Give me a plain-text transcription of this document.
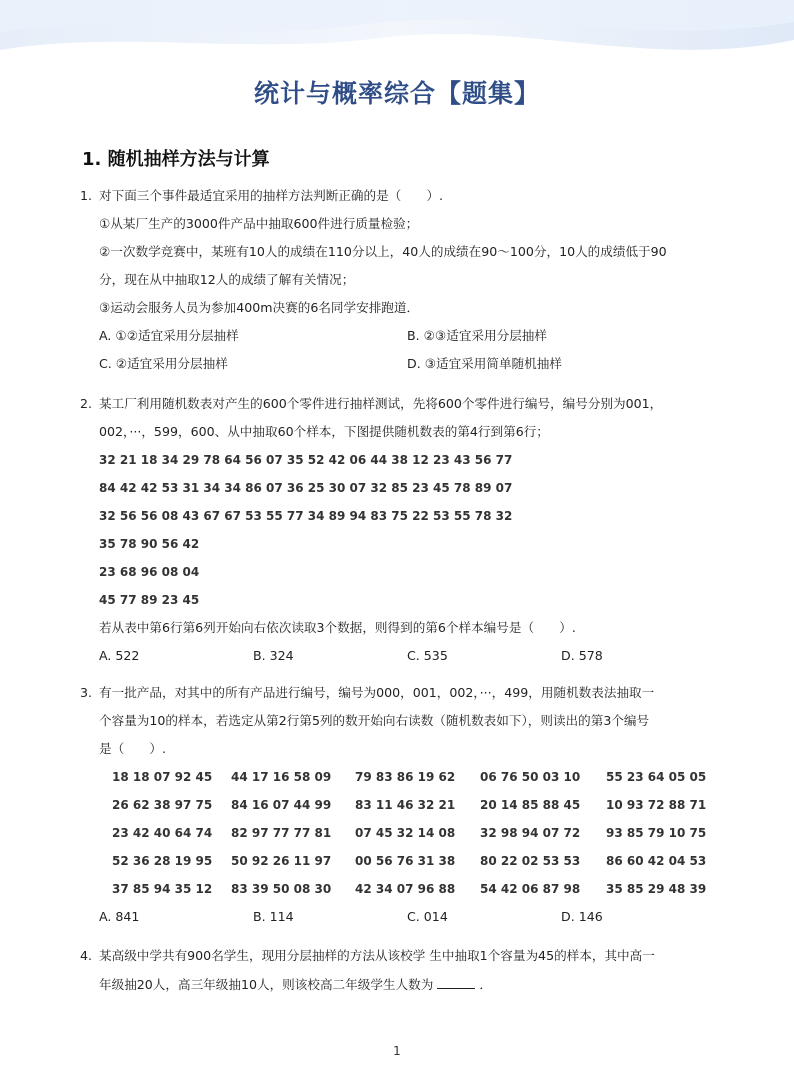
统计与概率综合【题集】
1. 随机抽样方法与计算
1. 对下面三个事件最适宜采用的抽样方法判断正确的是（　　）.
①从某厂生产的3000件产品中抽取600件进行质量检验；
②一次数学竞赛中，某班有10人的成绩在110分以上，40人的成绩在90～100分，10人的成绩低于90
分，现在从中抽取12人的成绩了解有关情况；
③运动会服务人员为参加400m决赛的6名同学安排跑道．
A. ①②适宜采用分层抽样	B. ②③适宜采用分层抽样
C. ②适宜采用分层抽样	D. ③适宜采用简单随机抽样
2. 某工厂利用随机数表对产生的600个零件进行抽样测试，先将600个零件进行编号，编号分别为001，
002，···，599，600、从中抽取60个样本，下图提供随机数表的第4行到第6行；
32 21 18 34 29 78 64 56 07 35 52 42 06 44 38 12 23 43 56 77
84 42 42 53 31 34 34 86 07 36 25 30 07 32 85 23 45 78 89 07
32 56 56 08 43 67 67 53 55 77 34 89 94 83 75 22 53 55 78 32
35 78 90 56 42
23 68 96 08 04
45 77 89 23 45
若从表中第6行第6列开始向右依次读取3个数据，则得到的第6个样本编号是（　　）.
A. 522	B. 324	C. 535	D. 578
3. 有一批产品，对其中的所有产品进行编号，编号为000，001，002，···，499，用随机数表法抽取一
个容量为10的样本，若选定从第2行第5列的数开始向右读数（随机数表如下），则读出的第3个编号
是（　　）.
18 18 07 92 45 44 17 16 58 09 79 83 86 19 62 06 76 50 03 10 55 23 64 05 05
26 62 38 97 75 84 16 07 44 99 83 11 46 32 21 20 14 85 88 45 10 93 72 88 71
23 42 40 64 74 82 97 77 77 81 07 45 32 14 08 32 98 94 07 72 93 85 79 10 75
52 36 28 19 95 50 92 26 11 97 00 56 76 31 38 80 22 02 53 53 86 60 42 04 53
37 85 94 35 12 83 39 50 08 30 42 34 07 96 88 54 42 06 87 98 35 85 29 48 39
A. 841	B. 114	C. 014	D. 146
4. 某高级中学共有900名学生，现用分层抽样的方法从该校学 生中抽取1个容量为45的样本，其中高一
年级抽20人，高三年级抽10人，则该校高二年级学生人数为	．
1
